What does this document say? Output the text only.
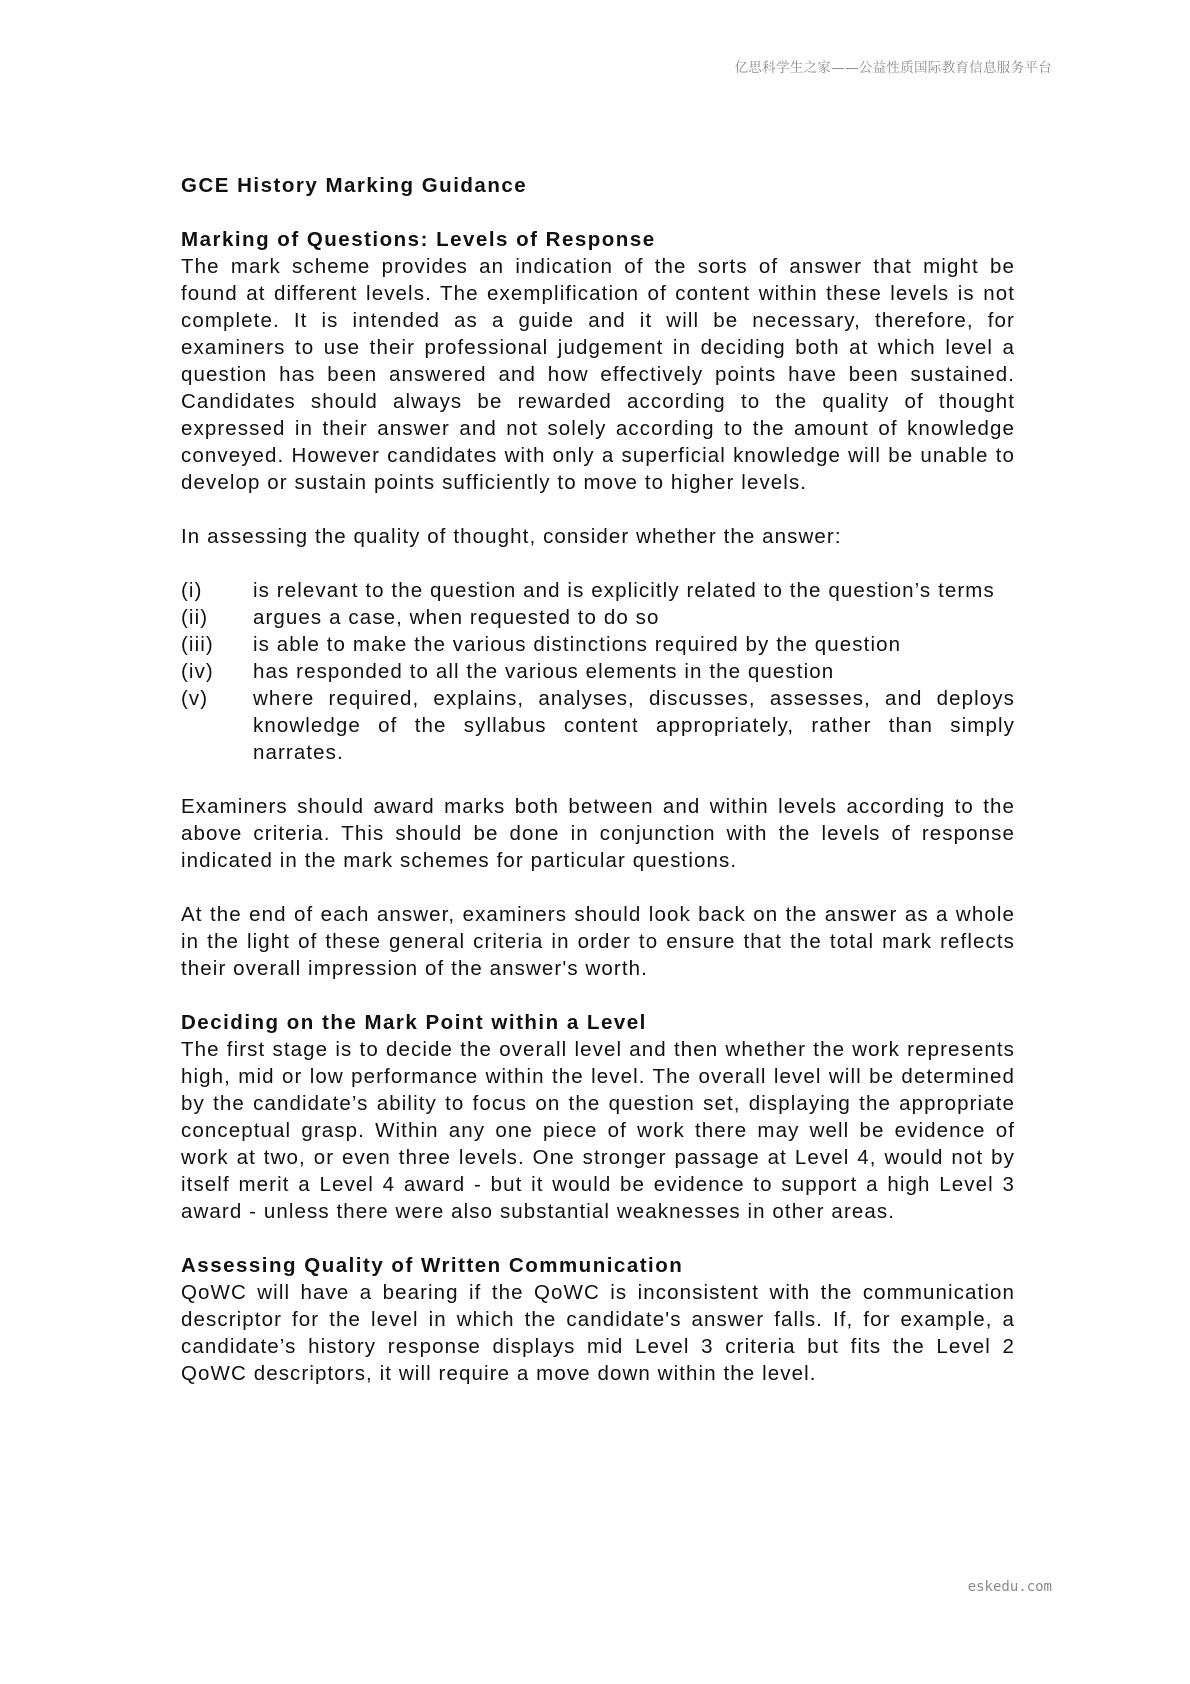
亿思科学生之家——公益性质国际教育信息服务平台
GCE History Marking Guidance
Marking of Questions: Levels of Response

The mark scheme provides an indication of the sorts of answer that might be found at different levels. The exemplification of content within these levels is not complete. It is intended as a guide and it will be necessary, therefore, for examiners to use their professional judgement in deciding both at which level a question has been answered and how effectively points have been sustained. Candidates should always be rewarded according to the quality of thought expressed in their answer and not solely according to the amount of knowledge conveyed. However candidates with only a superficial knowledge will be unable to develop or sustain points sufficiently to move to higher levels.

In assessing the quality of thought, consider whether the answer:

(i)	is relevant to the question and is explicitly related to the question’s terms
(ii)	argues a case, when requested to do so
(iii)	is able to make the various distinctions required by the question
(iv)	has responded to all the various elements in the question
(v)	where required, explains, analyses, discusses, assesses, and deploys knowledge of the syllabus content appropriately, rather than simply narrates.

Examiners should award marks both between and within levels according to the above criteria. This should be done in conjunction with the levels of response indicated in the mark schemes for particular questions.

At the end of each answer, examiners should look back on the answer as a whole in the light of these general criteria in order to ensure that the total mark reflects their overall impression of the answer's worth.

Deciding on the Mark Point within a Level

The first stage is to decide the overall level and then whether the work represents high, mid or low performance within the level. The overall level will be determined by the candidate’s ability to focus on the question set, displaying the appropriate conceptual grasp. Within any one piece of work there may well be evidence of work at two, or even three levels. One stronger passage at Level 4, would not by itself merit a Level 4 award - but it would be evidence to support a high Level 3 award - unless there were also substantial weaknesses in other areas.

Assessing Quality of Written Communication

QoWC will have a bearing if the QoWC is inconsistent with the communication descriptor for the level in which the candidate's answer falls. If, for example, a candidate’s history response displays mid Level 3 criteria but fits the Level 2 QoWC descriptors, it will require a move down within the level.

eskedu.com
